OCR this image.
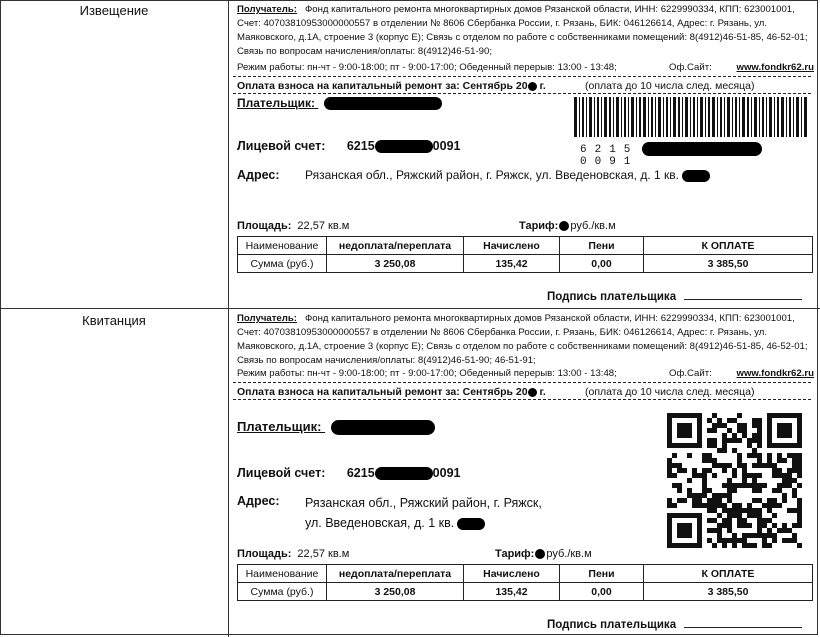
Извещение
Квитанция
Получатель: Фонд капитального ремонта многоквартирных домов Рязанской области, ИНН: 6229990334, КПП: 623001001, Счет: 40703810953000000557 в отделении № 8606 Сбербанка России, г. Рязань, БИК: 046126614, Адрес: г. Рязань, ул. Маяковского, д.1А, строение 3 (корпус Е); Связь с отделом по работе с собственниками помещений: 8(4912)46-51-85, 46-52-01; Связь по вопросам начисления/оплаты: 8(4912)46-51-90;
Режим работы: пн-чт - 9:00-18:00; пт - 9:00-17:00; Обеденный перерыв: 13:00 - 13:48;	Оф.Сайт:	www.fondkr62.ru
Оплата взноса на капитальный ремонт за: Сентябрь 20 г.	(оплата до 10 числа след. месяца)
Плательщик:
62150091
Лицевой счет: 6215	0091
Адрес: Рязанская обл., Ряжский район, г. Ряжск, ул. Введеновская, д. 1 кв.
Площадь: 22,57 кв.м	Тариф: руб./кв.м
Наименование	недоплата/переплата	Начислено	Пени	К ОПЛАТЕ
Сумма (руб.)	3 250,08	135,42	0,00	3 385,50
Подпись плательщика
Получатель: Фонд капитального ремонта многоквартирных домов Рязанской области, ИНН: 6229990334, КПП: 623001001, Счет: 40703810953000000557 в отделении № 8606 Сбербанка России, г. Рязань, БИК: 046126614, Адрес: г. Рязань, ул. Маяковского, д.1А, строение 3 (корпус Е); Связь с отделом по работе с собственниками помещений: 8(4912)46-51-85, 46-52-01; Связь по вопросам начисления/оплаты: 8(4912)46-51-90; 46-51-91;
Режим работы: пн-чт - 9:00-18:00; пт - 9:00-17:00; Обеденный перерыв: 13:00 - 13:48;	Оф.Сайт:	www.fondkr62.ru
Оплата взноса на капитальный ремонт за: Сентябрь 20 г.	(оплата до 10 числа след. месяца)
Плательщик:
Лицевой счет: 6215	0091
Адрес: Рязанская обл., Ряжский район, г. Ряжск, ул. Введеновская, д. 1 кв.
Площадь: 22,57 кв.м	Тариф: руб./кв.м
Наименование	недоплата/переплата	Начислено	Пени	К ОПЛАТЕ
Сумма (руб.)	3 250,08	135,42	0,00	3 385,50
Подпись плательщика
